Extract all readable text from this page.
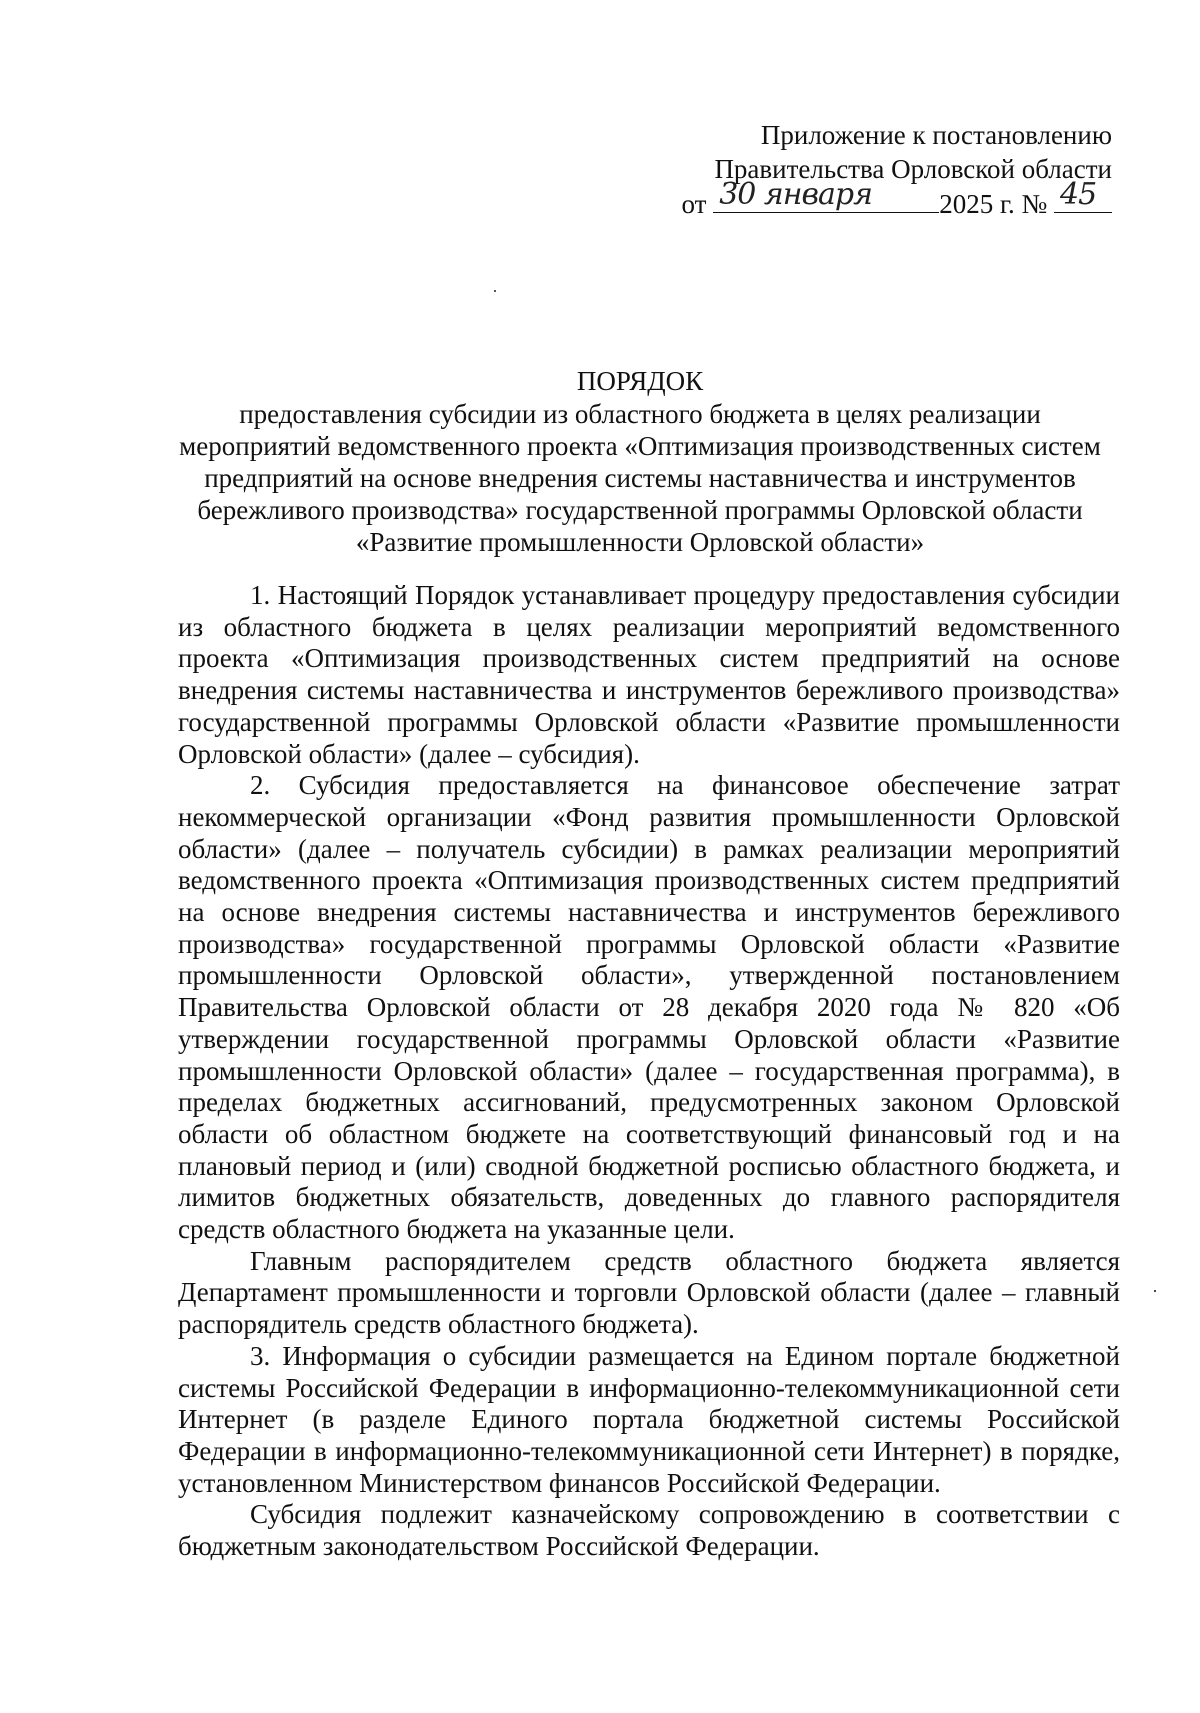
Приложение к постановлению
Правительства Орловской области
от 30 января 2025 г. № 45
ПОРЯДОК
предоставления субсидии из областного бюджета в целях реализации мероприятий ведомственного проекта «Оптимизация производственных систем предприятий на основе внедрения системы наставничества и инструментов бережливого производства» государственной программы Орловской области «Развитие промышленности Орловской области»

1. Настоящий Порядок устанавливает процедуру предоставления субсидии из областного бюджета в целях реализации мероприятий ведомственного проекта «Оптимизация производственных систем предприятий на основе внедрения системы наставничества и инструментов бережливого производства» государственной программы Орловской области «Развитие промышленности Орловской области» (далее – субсидия).

2. Субсидия предоставляется на финансовое обеспечение затрат некоммерческой организации «Фонд развития промышленности Орловской области» (далее – получатель субсидии) в рамках реализации мероприятий ведомственного проекта «Оптимизация производственных систем предприятий на основе внедрения системы наставничества и инструментов бережливого производства» государственной программы Орловской области «Развитие промышленности Орловской области», утвержденной постановлением Правительства Орловской области от 28 декабря 2020 года № 820 «Об утверждении государственной программы Орловской области «Развитие промышленности Орловской области» (далее – государственная программа), в пределах бюджетных ассигнований, предусмотренных законом Орловской области об областном бюджете на соответствующий финансовый год и на плановый период и (или) сводной бюджетной росписью областного бюджета, и лимитов бюджетных обязательств, доведенных до главного распорядителя средств областного бюджета на указанные цели.

Главным распорядителем средств областного бюджета является Департамент промышленности и торговли Орловской области (далее – главный распорядитель средств областного бюджета).

3. Информация о субсидии размещается на Едином портале бюджетной системы Российской Федерации в информационно-телекоммуникационной сети Интернет (в разделе Единого портала бюджетной системы Российской Федерации в информационно-телекоммуникационной сети Интернет) в порядке, установленном Министерством финансов Российской Федерации.

Субсидия подлежит казначейскому сопровождению в соответствии с бюджетным законодательством Российской Федерации.
